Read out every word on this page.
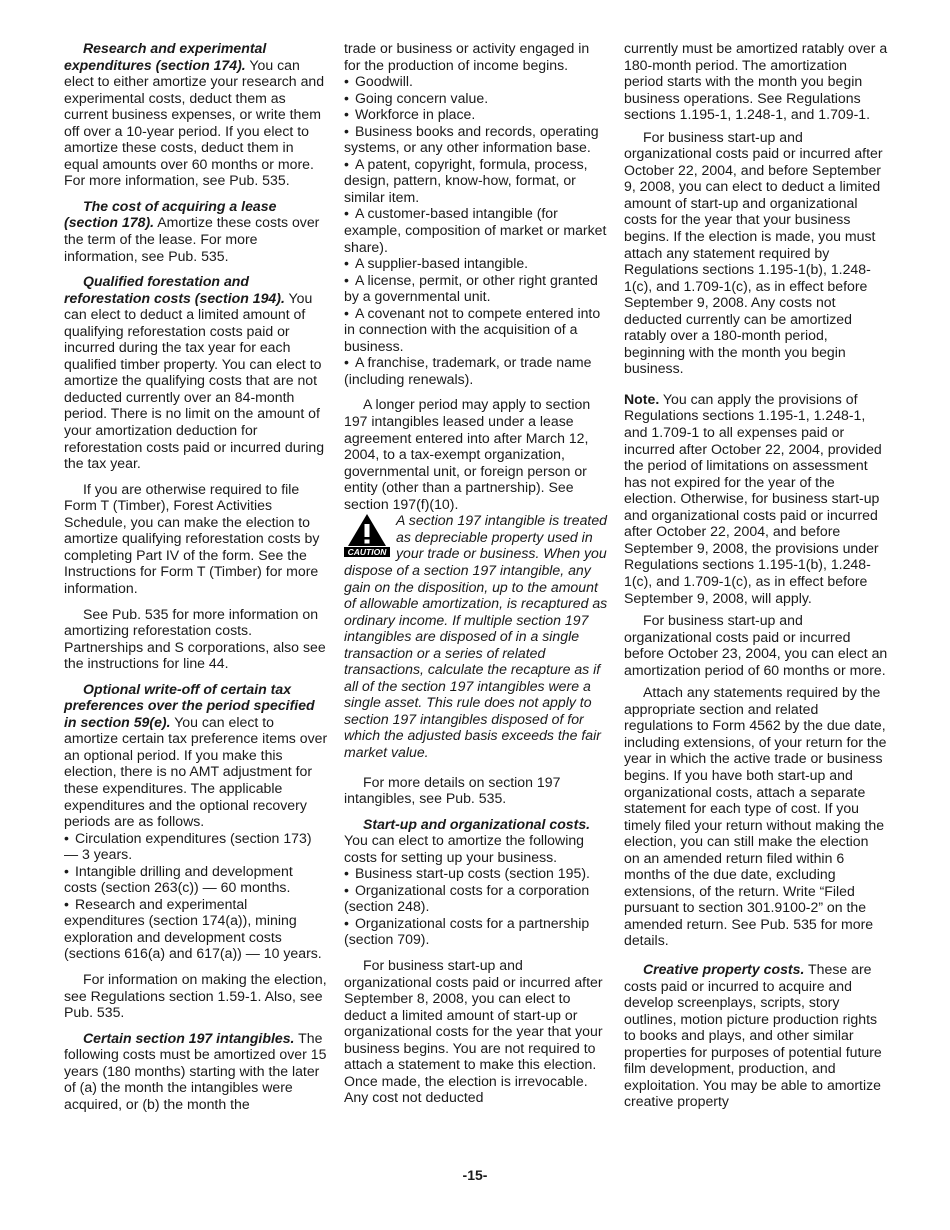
Research and experimental expenditures (section 174). You can elect to either amortize your research and experimental costs, deduct them as current business expenses, or write them off over a 10-year period. If you elect to amortize these costs, deduct them in equal amounts over 60 months or more. For more information, see Pub. 535.

The cost of acquiring a lease (section 178). Amortize these costs over the term of the lease. For more information, see Pub. 535.

Qualified forestation and reforestation costs (section 194). You can elect to deduct a limited amount of qualifying reforestation costs paid or incurred during the tax year for each qualified timber property. You can elect to amortize the qualifying costs that are not deducted currently over an 84-month period. There is no limit on the amount of your amortization deduction for reforestation costs paid or incurred during the tax year.

If you are otherwise required to file Form T (Timber), Forest Activities Schedule, you can make the election to amortize qualifying reforestation costs by completing Part IV of the form. See the Instructions for Form T (Timber) for more information.

See Pub. 535 for more information on amortizing reforestation costs. Partnerships and S corporations, also see the instructions for line 44.

Optional write-off of certain tax preferences over the period specified in section 59(e). You can elect to amortize certain tax preference items over an optional period. If you make this election, there is no AMT adjustment for these expenditures. The applicable expenditures and the optional recovery periods are as follows.

• Circulation expenditures (section 173) — 3 years.

• Intangible drilling and development costs (section 263(c)) — 60 months.

• Research and experimental expenditures (section 174(a)), mining exploration and development costs (sections 616(a) and 617(a)) — 10 years.

For information on making the election, see Regulations section 1.59-1. Also, see Pub. 535.

Certain section 197 intangibles. The following costs must be amortized over 15 years (180 months) starting with the later of (a) the month the intangibles were acquired, or (b) the month the

trade or business or activity engaged in for the production of income begins.

• Goodwill.

• Going concern value.

• Workforce in place.

• Business books and records, operating systems, or any other information base.

• A patent, copyright, formula, process, design, pattern, know-how, format, or similar item.

• A customer-based intangible (for example, composition of market or market share).

• A supplier-based intangible.

• A license, permit, or other right granted by a governmental unit.

• A covenant not to compete entered into in connection with the acquisition of a business.

• A franchise, trademark, or trade name (including renewals).

A longer period may apply to section 197 intangibles leased under a lease agreement entered into after March 12, 2004, to a tax-exempt organization, governmental unit, or foreign person or entity (other than a partnership). See section 197(f)(10).

CAUTION
A section 197 intangible is treated as depreciable property used in your trade or business. When you dispose of a section 197 intangible, any gain on the disposition, up to the amount of allowable amortization, is recaptured as ordinary income. If multiple section 197 intangibles are disposed of in a single transaction or a series of related transactions, calculate the recapture as if all of the section 197 intangibles were a single asset. This rule does not apply to section 197 intangibles disposed of for which the adjusted basis exceeds the fair market value.

For more details on section 197 intangibles, see Pub. 535.

Start-up and organizational costs. You can elect to amortize the following costs for setting up your business.

• Business start-up costs (section 195).

• Organizational costs for a corporation (section 248).

• Organizational costs for a partnership (section 709).

For business start-up and organizational costs paid or incurred after September 8, 2008, you can elect to deduct a limited amount of start-up or organizational costs for the year that your business begins. You are not required to attach a statement to make this election. Once made, the election is irrevocable. Any cost not deducted

currently must be amortized ratably over a 180-month period. The amortization period starts with the month you begin business operations. See Regulations sections 1.195-1, 1.248-1, and 1.709-1.

For business start-up and organizational costs paid or incurred after October 22, 2004, and before September 9, 2008, you can elect to deduct a limited amount of start-up and organizational costs for the year that your business begins. If the election is made, you must attach any statement required by Regulations sections 1.195-1(b), 1.248-1(c), and 1.709-1(c), as in effect before September 9, 2008. Any costs not deducted currently can be amortized ratably over a 180-month period, beginning with the month you begin business.

Note. You can apply the provisions of Regulations sections 1.195-1, 1.248-1, and 1.709-1 to all expenses paid or incurred after October 22, 2004, provided the period of limitations on assessment has not expired for the year of the election. Otherwise, for business start-up and organizational costs paid or incurred after October 22, 2004, and before September 9, 2008, the provisions under Regulations sections 1.195-1(b), 1.248-1(c), and 1.709-1(c), as in effect before September 9, 2008, will apply.

For business start-up and organizational costs paid or incurred before October 23, 2004, you can elect an amortization period of 60 months or more.

Attach any statements required by the appropriate section and related regulations to Form 4562 by the due date, including extensions, of your return for the year in which the active trade or business begins. If you have both start-up and organizational costs, attach a separate statement for each type of cost. If you timely filed your return without making the election, you can still make the election on an amended return filed within 6 months of the due date, excluding extensions, of the return. Write “Filed pursuant to section 301.9100-2” on the amended return. See Pub. 535 for more details.

Creative property costs. These are costs paid or incurred to acquire and develop screenplays, scripts, story outlines, motion picture production rights to books and plays, and other similar properties for purposes of potential future film development, production, and exploitation. You may be able to amortize creative property

-15-
